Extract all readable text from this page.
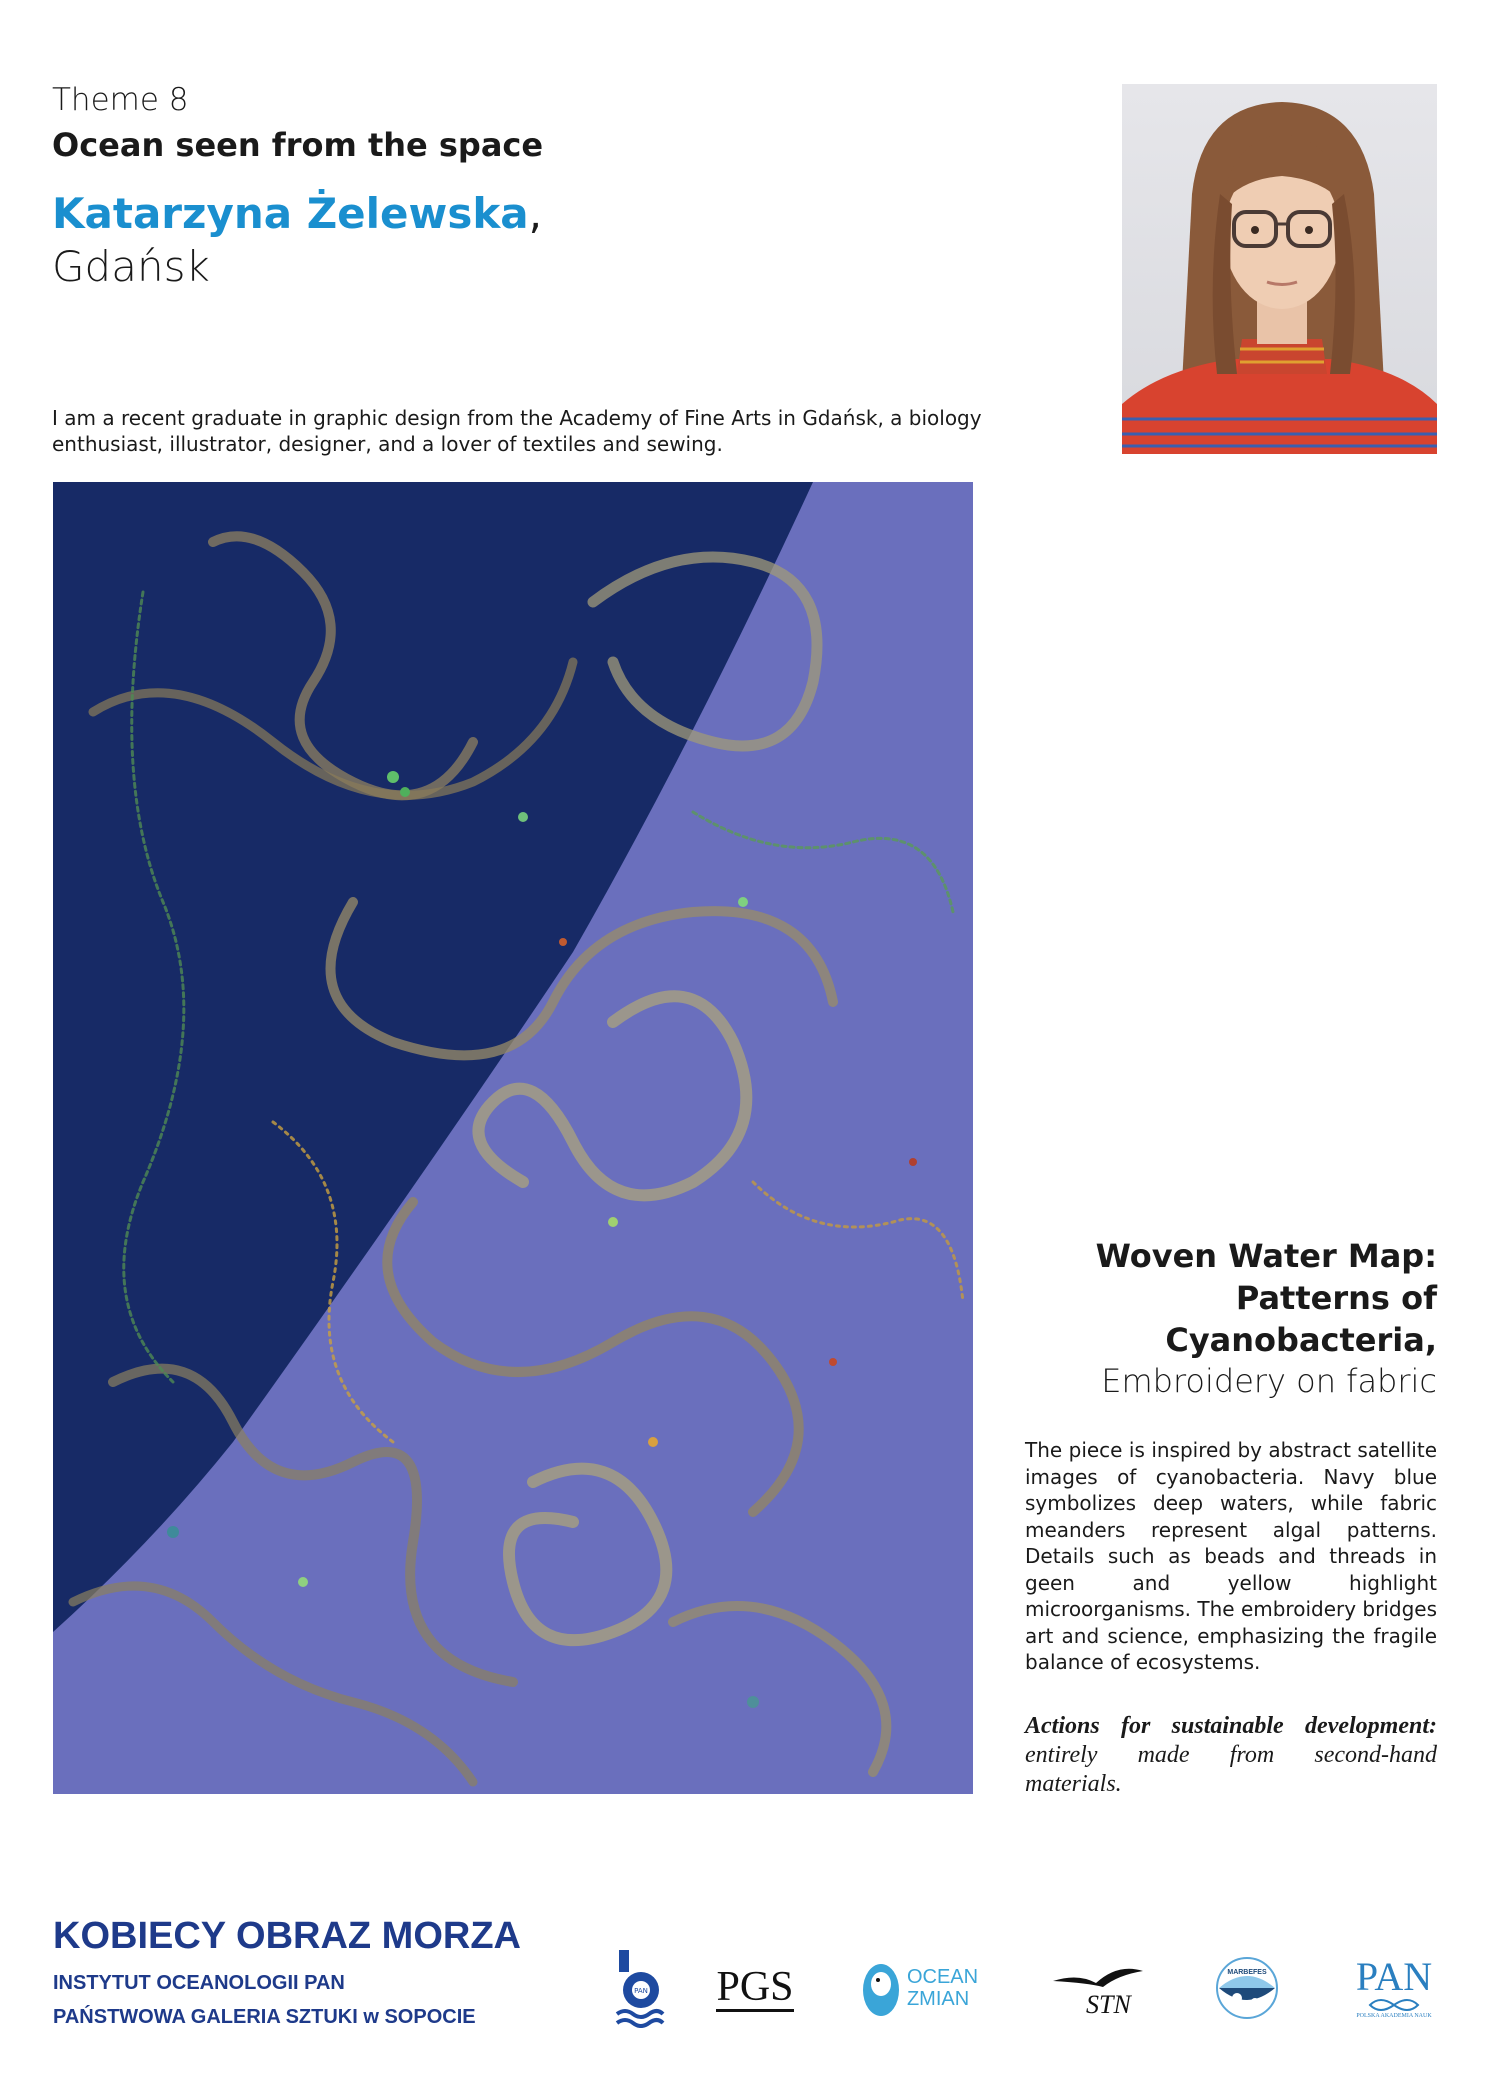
Theme 8
Ocean seen from the space
Katarzyna Żelewska,
Gdańsk
I am a recent graduate in graphic design from the Academy of Fine Arts in Gdańsk, a biology enthusiast, illustrator, designer, and a lover of textiles and sewing.
Woven Water Map:
Patterns of
Cyanobacteria,
Embroidery on fabric
The piece is inspired by abstract satellite images of cyanobacteria. Navy blue symbolizes deep waters, while fabric meanders represent algal patterns. Details such as beads and threads in geen and yellow highlight microorganisms. The embroidery bridges art and science, emphasizing the fragile balance of ecosystems.
Actions for sustainable development: entirely made from second-hand materials.
KOBIECY OBRAZ MORZA
INSTYTUT OCEANOLOGII PAN
PAŃSTWOWA GALERIA SZTUKI w SOPOCIE
PAN PGS	OCEAN
ZMIAN	STN
MARBEFES PAN
POLSKA AKADEMIA NAUK
